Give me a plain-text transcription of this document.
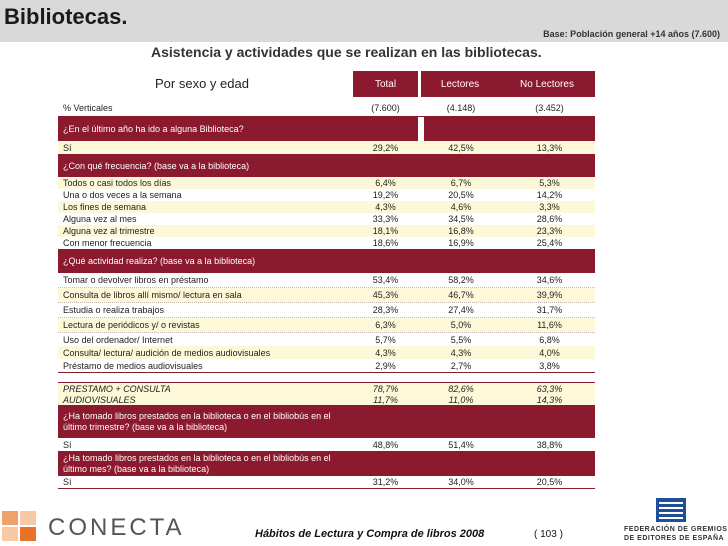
Bibliotecas.
Base: Población general +14 años (7.600)
Asistencia y actividades que se realizan en las bibliotecas.
Por sexo y edad	Total	Lectores	No Lectores
% Verticales	(7.600)	(4.148)	(3.452)
¿En el último año ha ido a alguna Biblioteca?
Sí	29,2%	42,5%	13,3%
¿Con qué frecuencia? (base va a la biblioteca)
Todos o casi todos los días	6,4%	6,7%	5,3%
Una o dos veces a la semana	19,2%	20,5%	14,2%
Los fines de semana	4,3%	4,6%	3,3%
Alguna vez al mes	33,3%	34,5%	28,6%
Alguna vez al trimestre	18,1%	16,8%	23,3%
Con menor frecuencia	18,6%	16,9%	25,4%
¿Qué actividad realiza? (base va a la biblioteca)
Tomar o devolver libros en préstamo	53,4%	58,2%	34,6%
Consulta de libros allí mismo/ lectura en sala	45,3%	46,7%	39,9%
Estudia o realiza trabajos	28,3%	27,4%	31,7%
Lectura de periódicos y/ o revistas	6,3%	5,0%	11,6%
Uso del ordenador/ Internet	5,7%	5,5%	6,8%
Consulta/ lectura/ audición de medios audiovisuales	4,3%	4,3%	4,0%
Préstamo de medios audiovisuales	2,9%	2,7%	3,8%
PRESTAMO + CONSULTA	78,7%	82,6%	63,3%
AUDIOVISUALES	11,7%	11,0%	14,3%
¿Ha tomado libros prestados en la biblioteca o en el bibliobús en el último trimestre? (base va a la biblioteca)
Sí	48,8%	51,4%	38,8%
¿Ha tomado libros prestados en la biblioteca o en el bibliobús en el último mes? (base va a la biblioteca)
Sí	31,2%	34,0%	20,5%
CONECTA	Hábitos de Lectura y Compra de libros 2008	( 103 )	FEDERACIÓN DE GREMIOS
DE EDITORES DE ESPAÑA
